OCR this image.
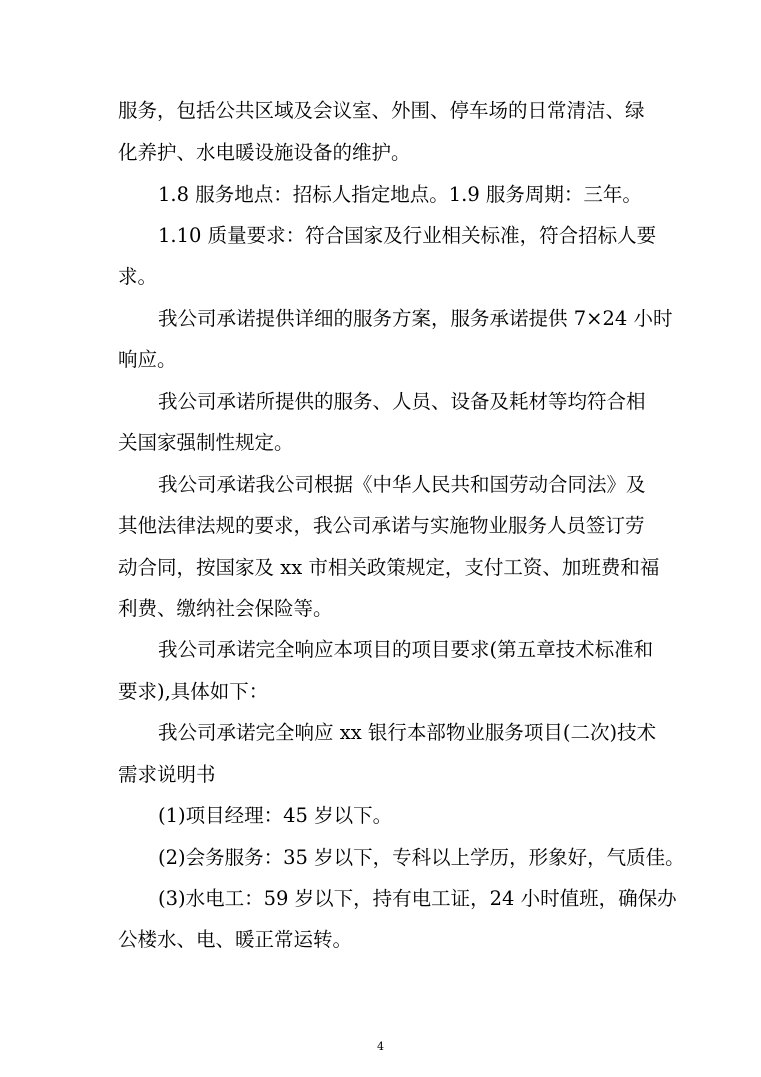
服务，包括公共区域及会议室、外围、停车场的日常清洁、绿

化养护、水电暖设施设备的维护。

1.8 服务地点：招标人指定地点。1.9 服务周期：三年。

1.10 质量要求：符合国家及行业相关标准，符合招标人要

求。

我公司承诺提供详细的服务方案，服务承诺提供 7×24 小时

响应。

我公司承诺所提供的服务、人员、设备及耗材等均符合相

关国家强制性规定。

我公司承诺我公司根据《中华人民共和国劳动合同法》及

其他法律法规的要求，我公司承诺与实施物业服务人员签订劳

动合同，按国家及 xx 市相关政策规定，支付工资、加班费和福

利费、缴纳社会保险等。

我公司承诺完全响应本项目的项目要求(第五章技术标准和

要求),具体如下：

我公司承诺完全响应 xx 银行本部物业服务项目(二次)技术

需求说明书

(1)项目经理：45 岁以下。

(2)会务服务：35 岁以下，专科以上学历，形象好，气质佳。

(3)水电工：59 岁以下，持有电工证，24 小时值班，确保办

公楼水、电、暖正常运转。

4
